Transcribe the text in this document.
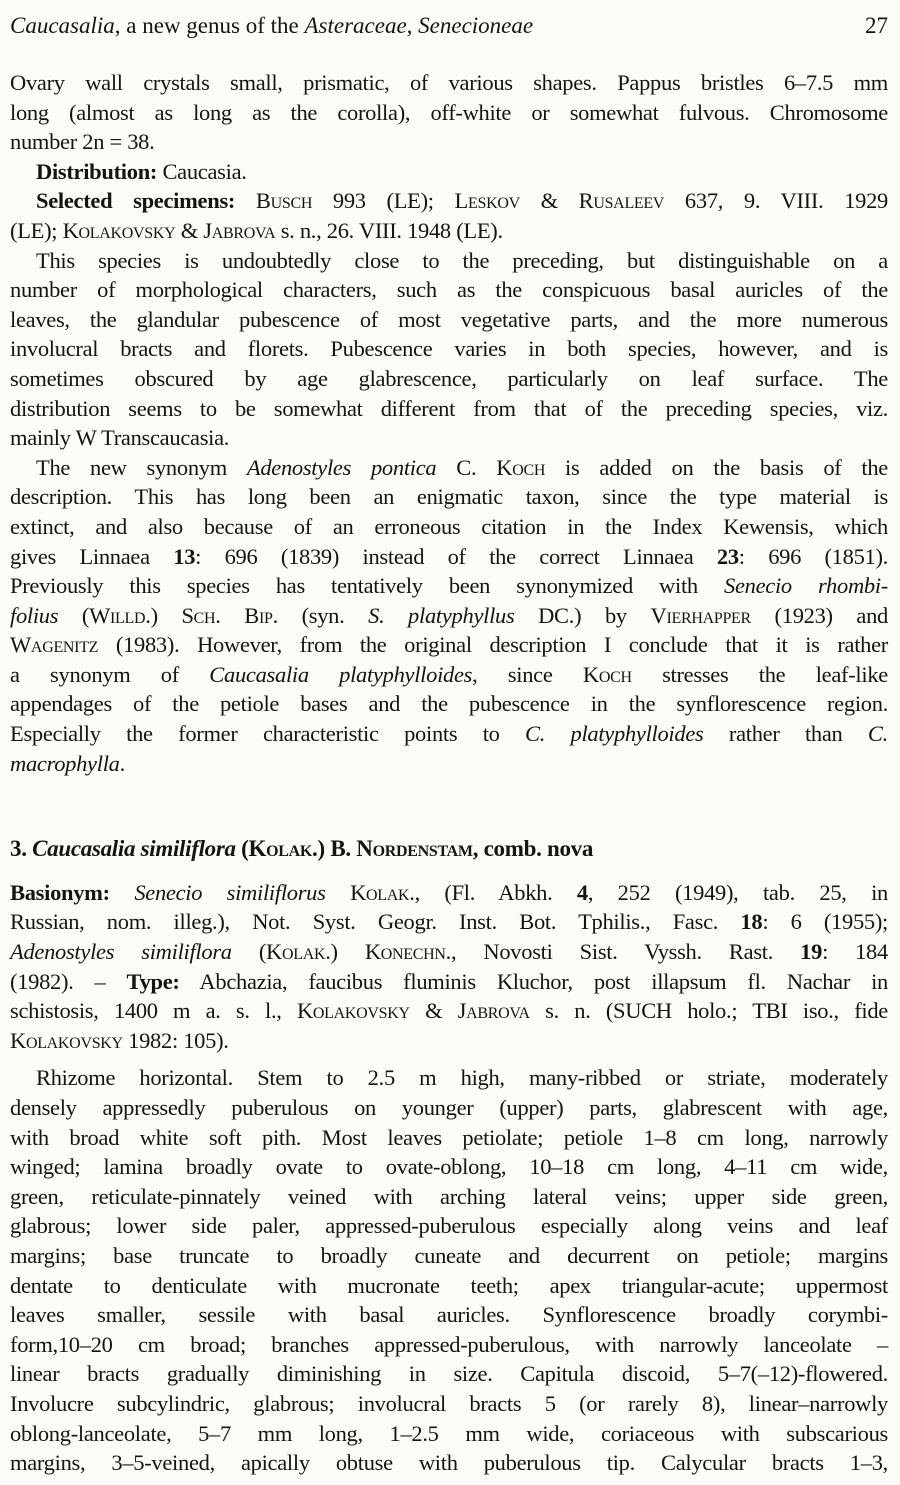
Caucasalia, a new genus of the Asteraceae, Senecioneae	27
Ovary wall crystals small, prismatic, of various shapes. Pappus bristles 6–7.5 mm
long (almost as long as the corolla), off-white or somewhat fulvous. Chromosome
number 2n = 38.
Distribution: Caucasia.
Selected specimens: Busch 993 (LE); Leskov & Rusaleev 637, 9. VIII. 1929
(LE); Kolakovsky & Jabrova s. n., 26. VIII. 1948 (LE).
This species is undoubtedly close to the preceding, but distinguishable on a
number of morphological characters, such as the conspicuous basal auricles of the
leaves, the glandular pubescence of most vegetative parts, and the more numerous
involucral bracts and florets. Pubescence varies in both species, however, and is
sometimes obscured by age glabrescence, particularly on leaf surface. The
distribution seems to be somewhat different from that of the preceding species, viz.
mainly W Transcaucasia.
The new synonym Adenostyles pontica C. Koch is added on the basis of the
description. This has long been an enigmatic taxon, since the type material is
extinct, and also because of an erroneous citation in the Index Kewensis, which
gives Linnaea 13: 696 (1839) instead of the correct Linnaea 23: 696 (1851).
Previously this species has tentatively been synonymized with Senecio rhombi-
folius (Willd.) Sch. Bip. (syn. S. platyphyllus DC.) by Vierhapper (1923) and
Wagenitz (1983). However, from the original description I conclude that it is rather
a synonym of Caucasalia platyphylloides, since Koch stresses the leaf-like
appendages of the petiole bases and the pubescence in the synflorescence region.
Especially the former characteristic points to C. platyphylloides rather than C.
macrophylla.
3. Caucasalia similiflora (Kolak.) B. Nordenstam, comb. nova
Basionym: Senecio similiflorus Kolak., (Fl. Abkh. 4, 252 (1949), tab. 25, in
Russian, nom. illeg.), Not. Syst. Geogr. Inst. Bot. Tphilis., Fasc. 18: 6 (1955);
Adenostyles similiflora (Kolak.) Konechn., Novosti Sist. Vyssh. Rast. 19: 184
(1982). – Type: Abchazia, faucibus fluminis Kluchor, post illapsum fl. Nachar in
schistosis, 1400 m a. s. l., Kolakovsky & Jabrova s. n. (SUCH holo.; TBI iso., fide
Kolakovsky 1982: 105).
Rhizome horizontal. Stem to 2.5 m high, many-ribbed or striate, moderately
densely appressedly puberulous on younger (upper) parts, glabrescent with age,
with broad white soft pith. Most leaves petiolate; petiole 1–8 cm long, narrowly
winged; lamina broadly ovate to ovate-oblong, 10–18 cm long, 4–11 cm wide,
green, reticulate-pinnately veined with arching lateral veins; upper side green,
glabrous; lower side paler, appressed-puberulous especially along veins and leaf
margins; base truncate to broadly cuneate and decurrent on petiole; margins
dentate to denticulate with mucronate teeth; apex triangular-acute; uppermost
leaves smaller, sessile with basal auricles. Synflorescence broadly corymbi-
form,10–20 cm broad; branches appressed-puberulous, with narrowly lanceolate –
linear bracts gradually diminishing in size. Capitula discoid, 5–7(–12)-flowered.
Involucre subcylindric, glabrous; involucral bracts 5 (or rarely 8), linear–narrowly
oblong-lanceolate, 5–7 mm long, 1–2.5 mm wide, coriaceous with subscarious
margins, 3–5-veined, apically obtuse with puberulous tip. Calycular bracts 1–3,
